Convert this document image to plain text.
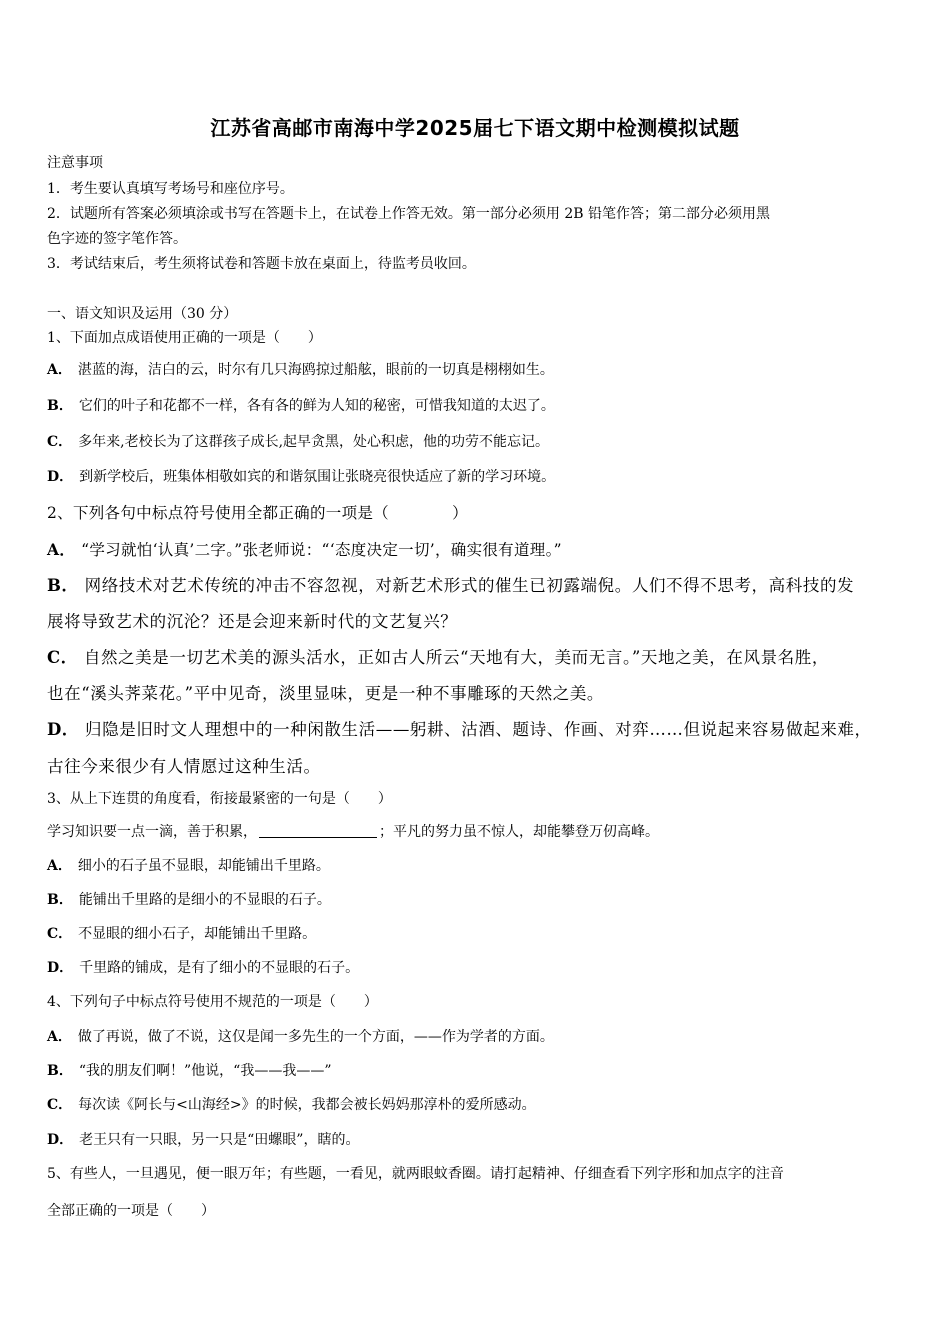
江苏省高邮市南海中学2025届七下语文期中检测模拟试题
注意事项
1．考生要认真填写考场号和座位序号。
2．试题所有答案必须填涂或书写在答题卡上，在试卷上作答无效。第一部分必须用 2B 铅笔作答；第二部分必须用黑
色字迹的签字笔作答。
3．考试结束后，考生须将试卷和答题卡放在桌面上，待监考员收回。
一、语文知识及运用（30 分）
1、下面加点成语使用正确的一项是（　　）
A． 湛蓝的海，洁白的云，时尔有几只海鸥掠过船舷，眼前的一切真是栩栩如生。
B． 它们的叶子和花都不一样，各有各的鲜为人知的秘密，可惜我知道的太迟了。
C． 多年来,老校长为了这群孩子成长,起早贪黑，处心积虑，他的功劳不能忘记。
D． 到新学校后，班集体相敬如宾的和谐氛围让张晓亮很快适应了新的学习环境。
2、下列各句中标点符号使用全都正确的一项是（　　　　）
A． “学习就怕‘认真’二字。”张老师说：“‘态度决定一切’，确实很有道理。”
B． 网络技术对艺术传统的冲击不容忽视，对新艺术形式的催生已初露端倪。人们不得不思考，高科技的发
展将导致艺术的沉沦？还是会迎来新时代的文艺复兴？
C． 自然之美是一切艺术美的源头活水，正如古人所云“天地有大，美而无言。”天地之美，在风景名胜，
也在“溪头荠菜花。”平中见奇，淡里显味，更是一种不事雕琢的天然之美。
D． 归隐是旧时文人理想中的一种闲散生活——躬耕、沽酒、题诗、作画、对弈……但说起来容易做起来难，
古往今来很少有人情愿过这种生活。
3、从上下连贯的角度看，衔接最紧密的一句是（　　）
学习知识要一点一滴，善于积累，	；平凡的努力虽不惊人，却能攀登万仞高峰。
A． 细小的石子虽不显眼，却能铺出千里路。
B． 能铺出千里路的是细小的不显眼的石子。
C． 不显眼的细小石子，却能铺出千里路。
D． 千里路的铺成，是有了细小的不显眼的石子。
4、下列句子中标点符号使用不规范的一项是（　　）
A． 做了再说，做了不说，这仅是闻一多先生的一个方面，——作为学者的方面。
B． “我的朋友们啊！”他说，“我——我——”
C． 每次读《阿长与<山海经>》的时候，我都会被长妈妈那淳朴的爱所感动。
D． 老王只有一只眼，另一只是“田螺眼”，瞎的。
5、有些人，一旦遇见，便一眼万年；有些题，一看见，就两眼蚊香圈。请打起精神、仔细查看下列字形和加点字的注音
全部正确的一项是（　　）
